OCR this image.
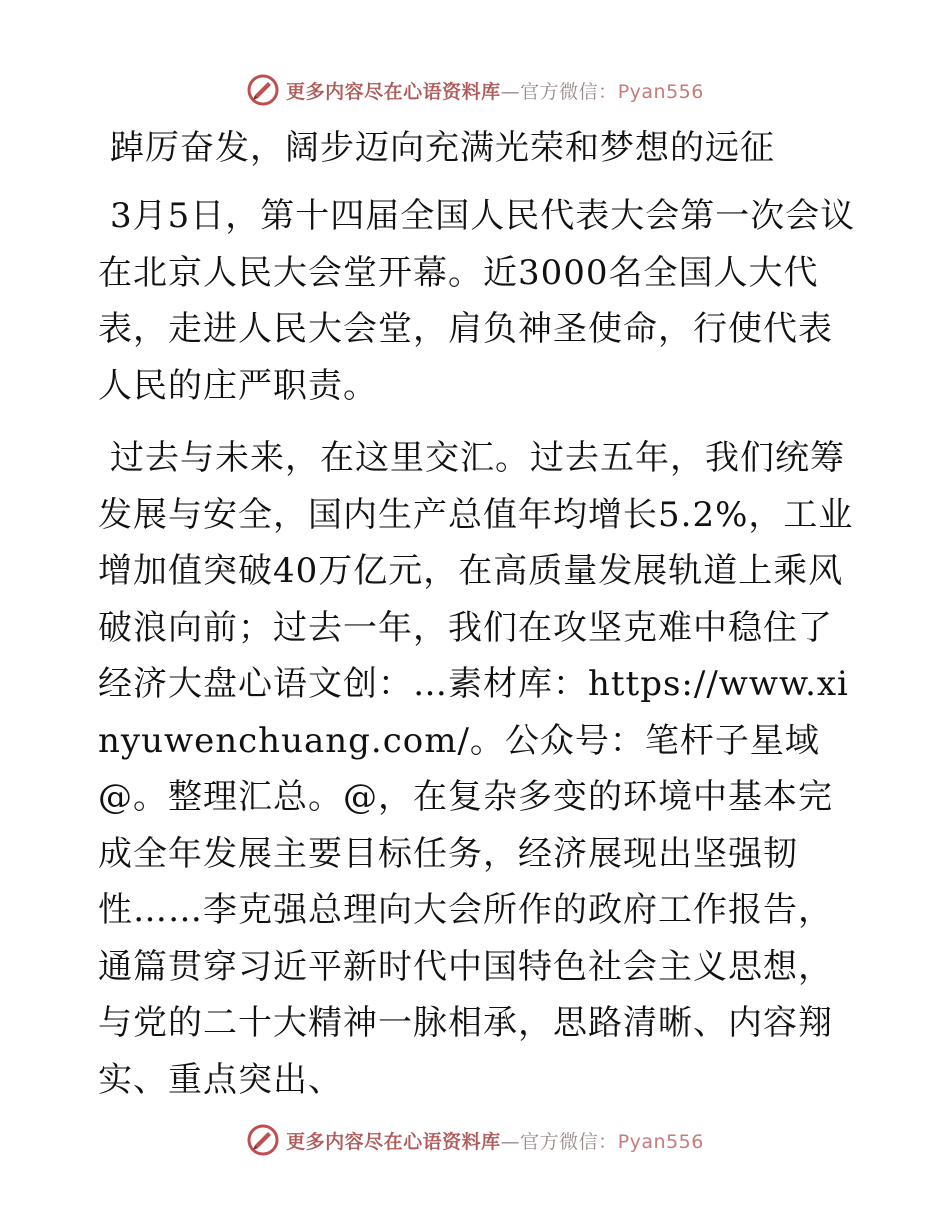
更多内容尽在心语资料库—官方微信：Pyan556
踔厉奋发，阔步迈向充满光荣和梦想的远征

3月5日，第十四届全国人民代表大会第一次会议在北京人民大会堂开幕。近3000名全国人大代表，走进人民大会堂，肩负神圣使命，行使代表人民的庄严职责。

过去与未来，在这里交汇。过去五年，我们统筹发展与安全，国内生产总值年均增长5.2%，工业增加值突破40万亿元，在高质量发展轨道上乘风破浪向前；过去一年，我们在攻坚克难中稳住了经济大盘心语文创：…素材库：https://www.xinyuwenchuang.com/。公众号：笔杆子星域@。整理汇总。@，在复杂多变的环境中基本完成全年发展主要目标任务，经济展现出坚强韧性……李克强总理向大会所作的政府工作报告，通篇贯穿习近平新时代中国特色社会主义思想，与党的二十大精神一脉相承，思路清晰、内容翔实、重点突出、

更多内容尽在心语资料库—官方微信：Pyan556
